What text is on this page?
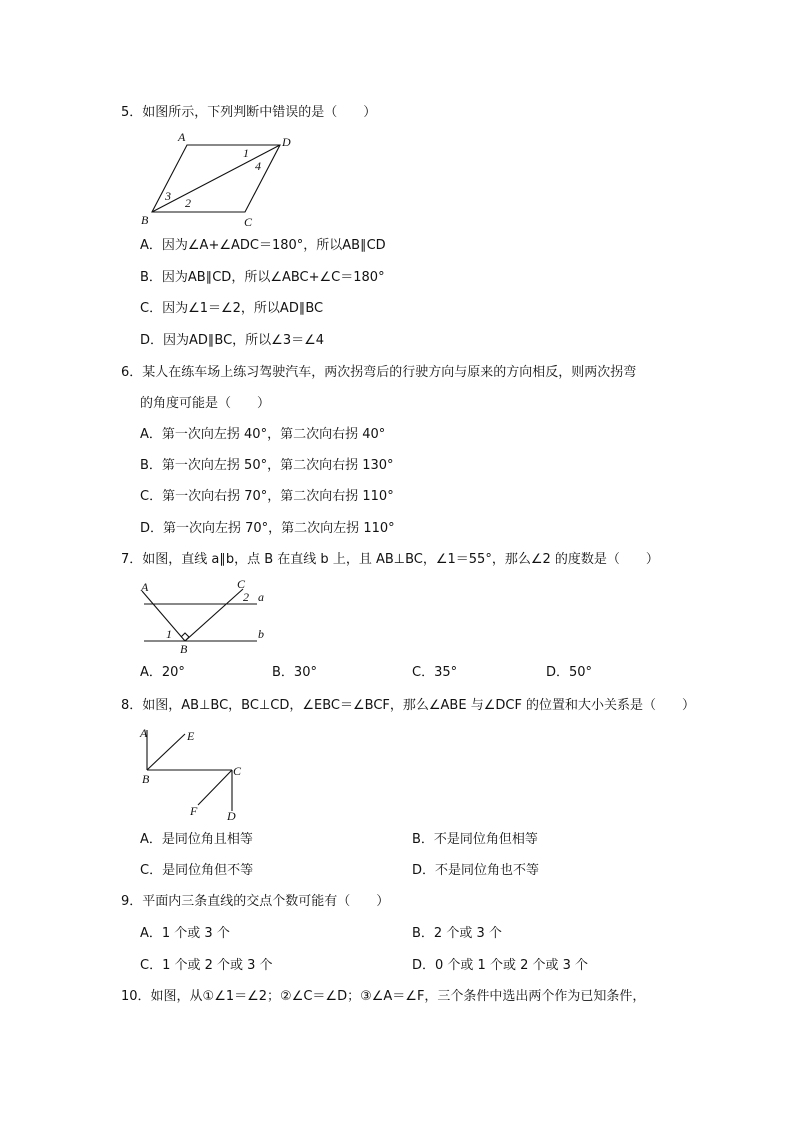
5．如图所示，下列判断中错误的是（　　）
A	D
B	C
1
4
3 2
A	C
2 a
1	b
B
A	E
B
C
F D
A．因为∠A+∠ADC＝180°，所以AB∥CD
B．因为AB∥CD，所以∠ABC+∠C＝180°
C．因为∠1＝∠2，所以AD∥BC
D．因为AD∥BC，所以∠3＝∠4
6．某人在练车场上练习驾驶汽车，两次拐弯后的行驶方向与原来的方向相反，则两次拐弯
的角度可能是（　　）
A．第一次向左拐 40°，第二次向右拐 40°
B．第一次向左拐 50°，第二次向右拐 130°
C．第一次向右拐 70°，第二次向右拐 110°
D．第一次向左拐 70°，第二次向左拐 110°
7．如图，直线 a∥b，点 B 在直线 b 上，且 AB⊥BC，∠1＝55°，那么∠2 的度数是（　　）
A．20°	B．30°	C．35°	D．50°
8．如图，AB⊥BC，BC⊥CD，∠EBC＝∠BCF，那么∠ABE 与∠DCF 的位置和大小关系是（　　）
A．是同位角且相等	B．不是同位角但相等
C．是同位角但不等	D．不是同位角也不等
9．平面内三条直线的交点个数可能有（　　）
A．1 个或 3 个	B．2 个或 3 个
C．1 个或 2 个或 3 个	D．0 个或 1 个或 2 个或 3 个
10．如图，从①∠1＝∠2；②∠C＝∠D；③∠A＝∠F，三个条件中选出两个作为已知条件，
